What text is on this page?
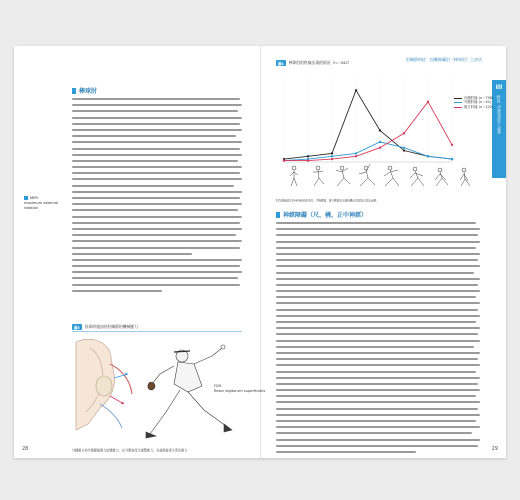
MER：
maximum external rotation
棒球肘
圖3	投球時施加於肘關節的機械應力
FDS：
flexor digitorum superficialis
外翻應力和外側壓縮應力結構應力，在外側會產生撞擊應力，在後側會產生剪切應力
28
肘關節病症：投擲障礙肘（棒球肘）之評估
III
病況
治療與預防之處理
圖4	棒球肘的疼痛出現的情況（n＝942）
內側肘痛 (n＝798)
外側肘痛 (n＝42)
後方肘痛 (n＝102)
肘內側痛發生在MER時是最多的。平衡應變、後方應變的出現時機比同等場合量為反轉。
神經障礙（尺、橈、正中神經）
29
